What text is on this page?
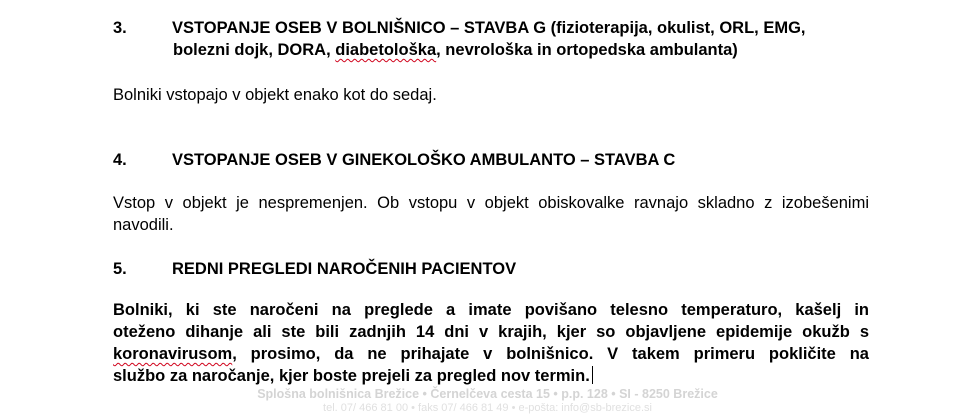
3.	VSTOPANJE OSEB V BOLNIŠNICO – STAVBA G (fizioterapija, okulist, ORL, EMG,
bolezni dojk, DORA, diabetološka, nevrološka in ortopedska ambulanta)
Bolniki vstopajo v objekt enako kot do sedaj.
4.	VSTOPANJE OSEB V GINEKOLOŠKO AMBULANTO – STAVBA C
Vstop v objekt je nespremenjen. Ob vstopu v objekt obiskovalke ravnajo skladno z izobešenimi
navodili.
5.	REDNI PREGLEDI NAROČENIH PACIENTOV
Bolniki, ki ste naročeni na preglede a imate povišano telesno temperaturo, kašelj in
oteženo dihanje ali ste bili zadnjih 14 dni v krajih, kjer so objavljene epidemije okužb s
koronavirusom, prosimo, da ne prihajate v bolnišnico. V takem primeru pokličite na
službo za naročanje, kjer boste prejeli za pregled nov termin.
Splošna bolnišnica Brežice • Černelčeva cesta 15 • p.p. 128 • SI - 8250 Brežice
tel. 07/ 466 81 00 • faks 07/ 466 81 49 • e-pošta: info@sb-brezice.si
